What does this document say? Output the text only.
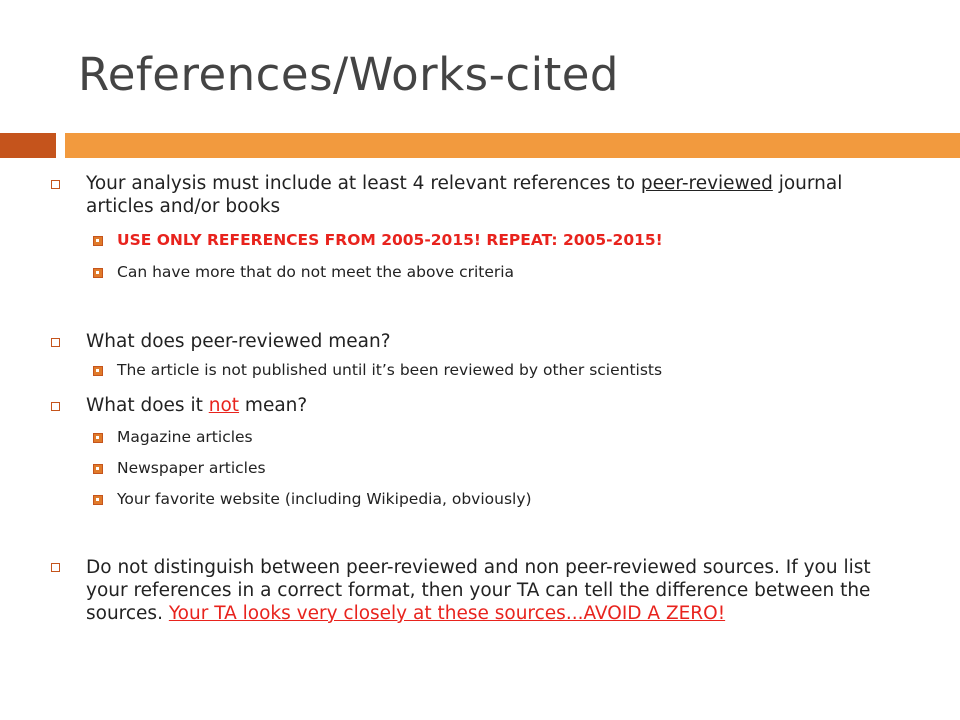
References/Works-cited
Your analysis must include at least 4 relevant references to peer-reviewed journal articles and/or books
USE ONLY REFERENCES FROM 2005-2015! REPEAT: 2005-2015!
Can have more that do not meet the above criteria
What does peer-reviewed mean?
The article is not published until it’s been reviewed by other scientists
What does it not mean?
Magazine articles
Newspaper articles
Your favorite website (including Wikipedia, obviously)
Do not distinguish between peer-reviewed and non peer-reviewed sources. If you list your references in a correct format, then your TA can tell the difference between the sources. Your TA looks very closely at these sources...AVOID A ZERO!
